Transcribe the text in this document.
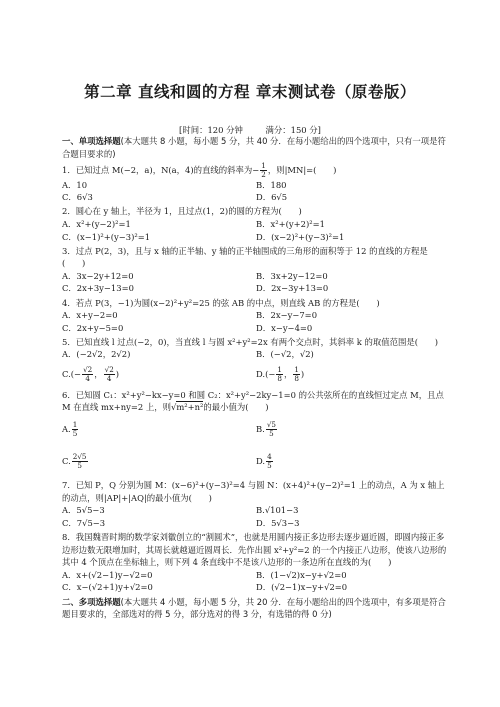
第二章 直线和圆的方程 章末测试卷（原卷版）
[时间：120 分钟	满分：150 分]
一、单项选择题(本大题共 8 小题，每小题 5 分，共 40 分．在每小题给出的四个选项中，只有一项是符合题目要求的)
1．已知过点 M(−2，a)，N(a，4)的直线的斜率为− $\frac{1}{2}$ ，则|MN|=(　　)
A．10	B．180
C．6√3	D．6√5
2．圆心在 y 轴上，半径为 1，且过点(1，2)的圆的方程为(　　)
A．x²+(y−2)²=1	B．x²+(y+2)²=1
C．(x−1)²+(y−3)²=1	D．(x−2)²+(y−3)²=1
3．过点 P(2，3)，且与 x 轴的正半轴、y 轴的正半轴围成的三角形的面积等于 12 的直线的方程是(　　)
A．3x−2y+12=0	B．3x+2y−12=0
C．2x+3y−13=0	D．2x−3y+13=0
4．若点 P(3，−1)为圆(x−2)²+y²=25 的弦 AB 的中点，则直线 AB 的方程是(　　)
A．x+y−2=0	B．2x−y−7=0
C．2x+y−5=0	D．x−y−4=0
5．已知直线 l 过点(−2，0)，当直线 l 与圆 x²+y²=2x 有两个交点时，其斜率 k 的取值范围是(　　)
A．(−2√2，2√2)	B．(−√2，√2)
$C.(- \frac{√2}{4}$ ， $\frac{√2}{4}$ )	$D.(- \frac{1}{8}$ ， $\frac{1}{8}$ )
6．已知圆 C₁：x²+y²−kx−y=0 和圆 C₂：x²+y²−2ky−1=0 的公共弦所在的直线恒过定点 M，且点 M 在直线 mx+ny=2 上，则√m²+n²的最小值为(　　)
A. $\frac{1}{5}$	B. $\frac{√5}{5}$
C. $\frac{2√5}{5}$	D. $\frac{4}{5}$
7．已知 P，Q 分别为圆 M：(x−6)²+(y−3)²=4 与圆 N：(x+4)²+(y−2)²=1 上的动点，A 为 x 轴上的动点，则|AP|+|AQ|的最小值为(　　)
A．5√5−3	B.√101−3
C．7√5−3	D．5√3−3
8．我国魏晋时期的数学家刘徽创立的“割圆术”，也就是用圆内接正多边形去逐步逼近圆，即圆内接正多边形边数无限增加时，其周长就越逼近圆周长．先作出圆 x²+y²=2 的一个内接正八边形，使该八边形的其中 4 个顶点在坐标轴上，则下列 4 条直线中不是该八边形的一条边所在直线的为(　　)
A．x+(√2−1)y−√2=0	B．(1−√2)x−y+√2=0
C．x−(√2+1)y+√2=0	D．(√2−1)x−y+√2=0
二、多项选择题(本大题共 4 小题，每小题 5 分，共 20 分．在每小题给出的四个选项中，有多项是符合题目要求的，全部选对的得 5 分，部分选对的得 3 分，有选错的得 0 分)
